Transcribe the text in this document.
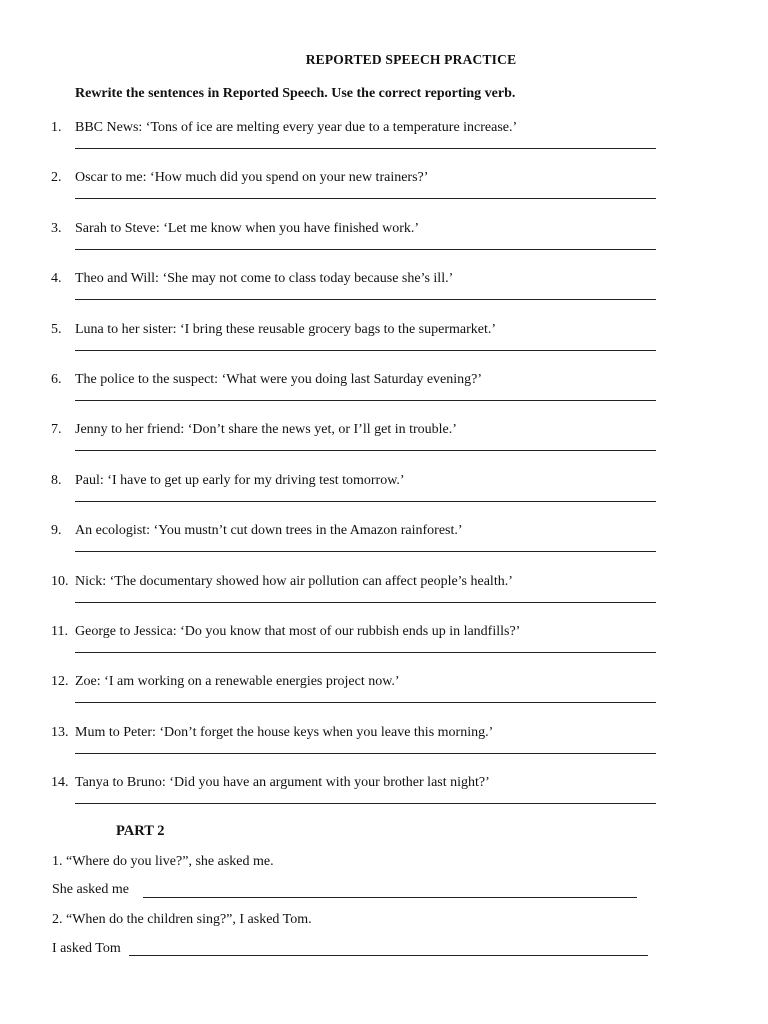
REPORTED SPEECH PRACTICE
Rewrite the sentences in Reported Speech. Use the correct reporting verb.
1. BBC News: ‘Tons of ice are melting every year due to a temperature increase.’
2. Oscar to me: ‘How much did you spend on your new trainers?’
3. Sarah to Steve: ‘Let me know when you have finished work.’
4. Theo and Will: ‘She may not come to class today because she’s ill.’
5. Luna to her sister: ‘I bring these reusable grocery bags to the supermarket.’
6. The police to the suspect: ‘What were you doing last Saturday evening?’
7. Jenny to her friend: ‘Don’t share the news yet, or I’ll get in trouble.’
8. Paul: ‘I have to get up early for my driving test tomorrow.’
9. An ecologist: ‘You mustn’t cut down trees in the Amazon rainforest.’
10. Nick: ‘The documentary showed how air pollution can affect people’s health.’
11. George to Jessica: ‘Do you know that most of our rubbish ends up in landfills?’
12. Zoe: ‘I am working on a renewable energies project now.’
13. Mum to Peter: ‘Don’t forget the house keys when you leave this morning.’
14. Tanya to Bruno: ‘Did you have an argument with your brother last night?’
PART 2
1. “Where do you live?”, she asked me.
She asked me
2. “When do the children sing?”, I asked Tom.
I asked Tom
